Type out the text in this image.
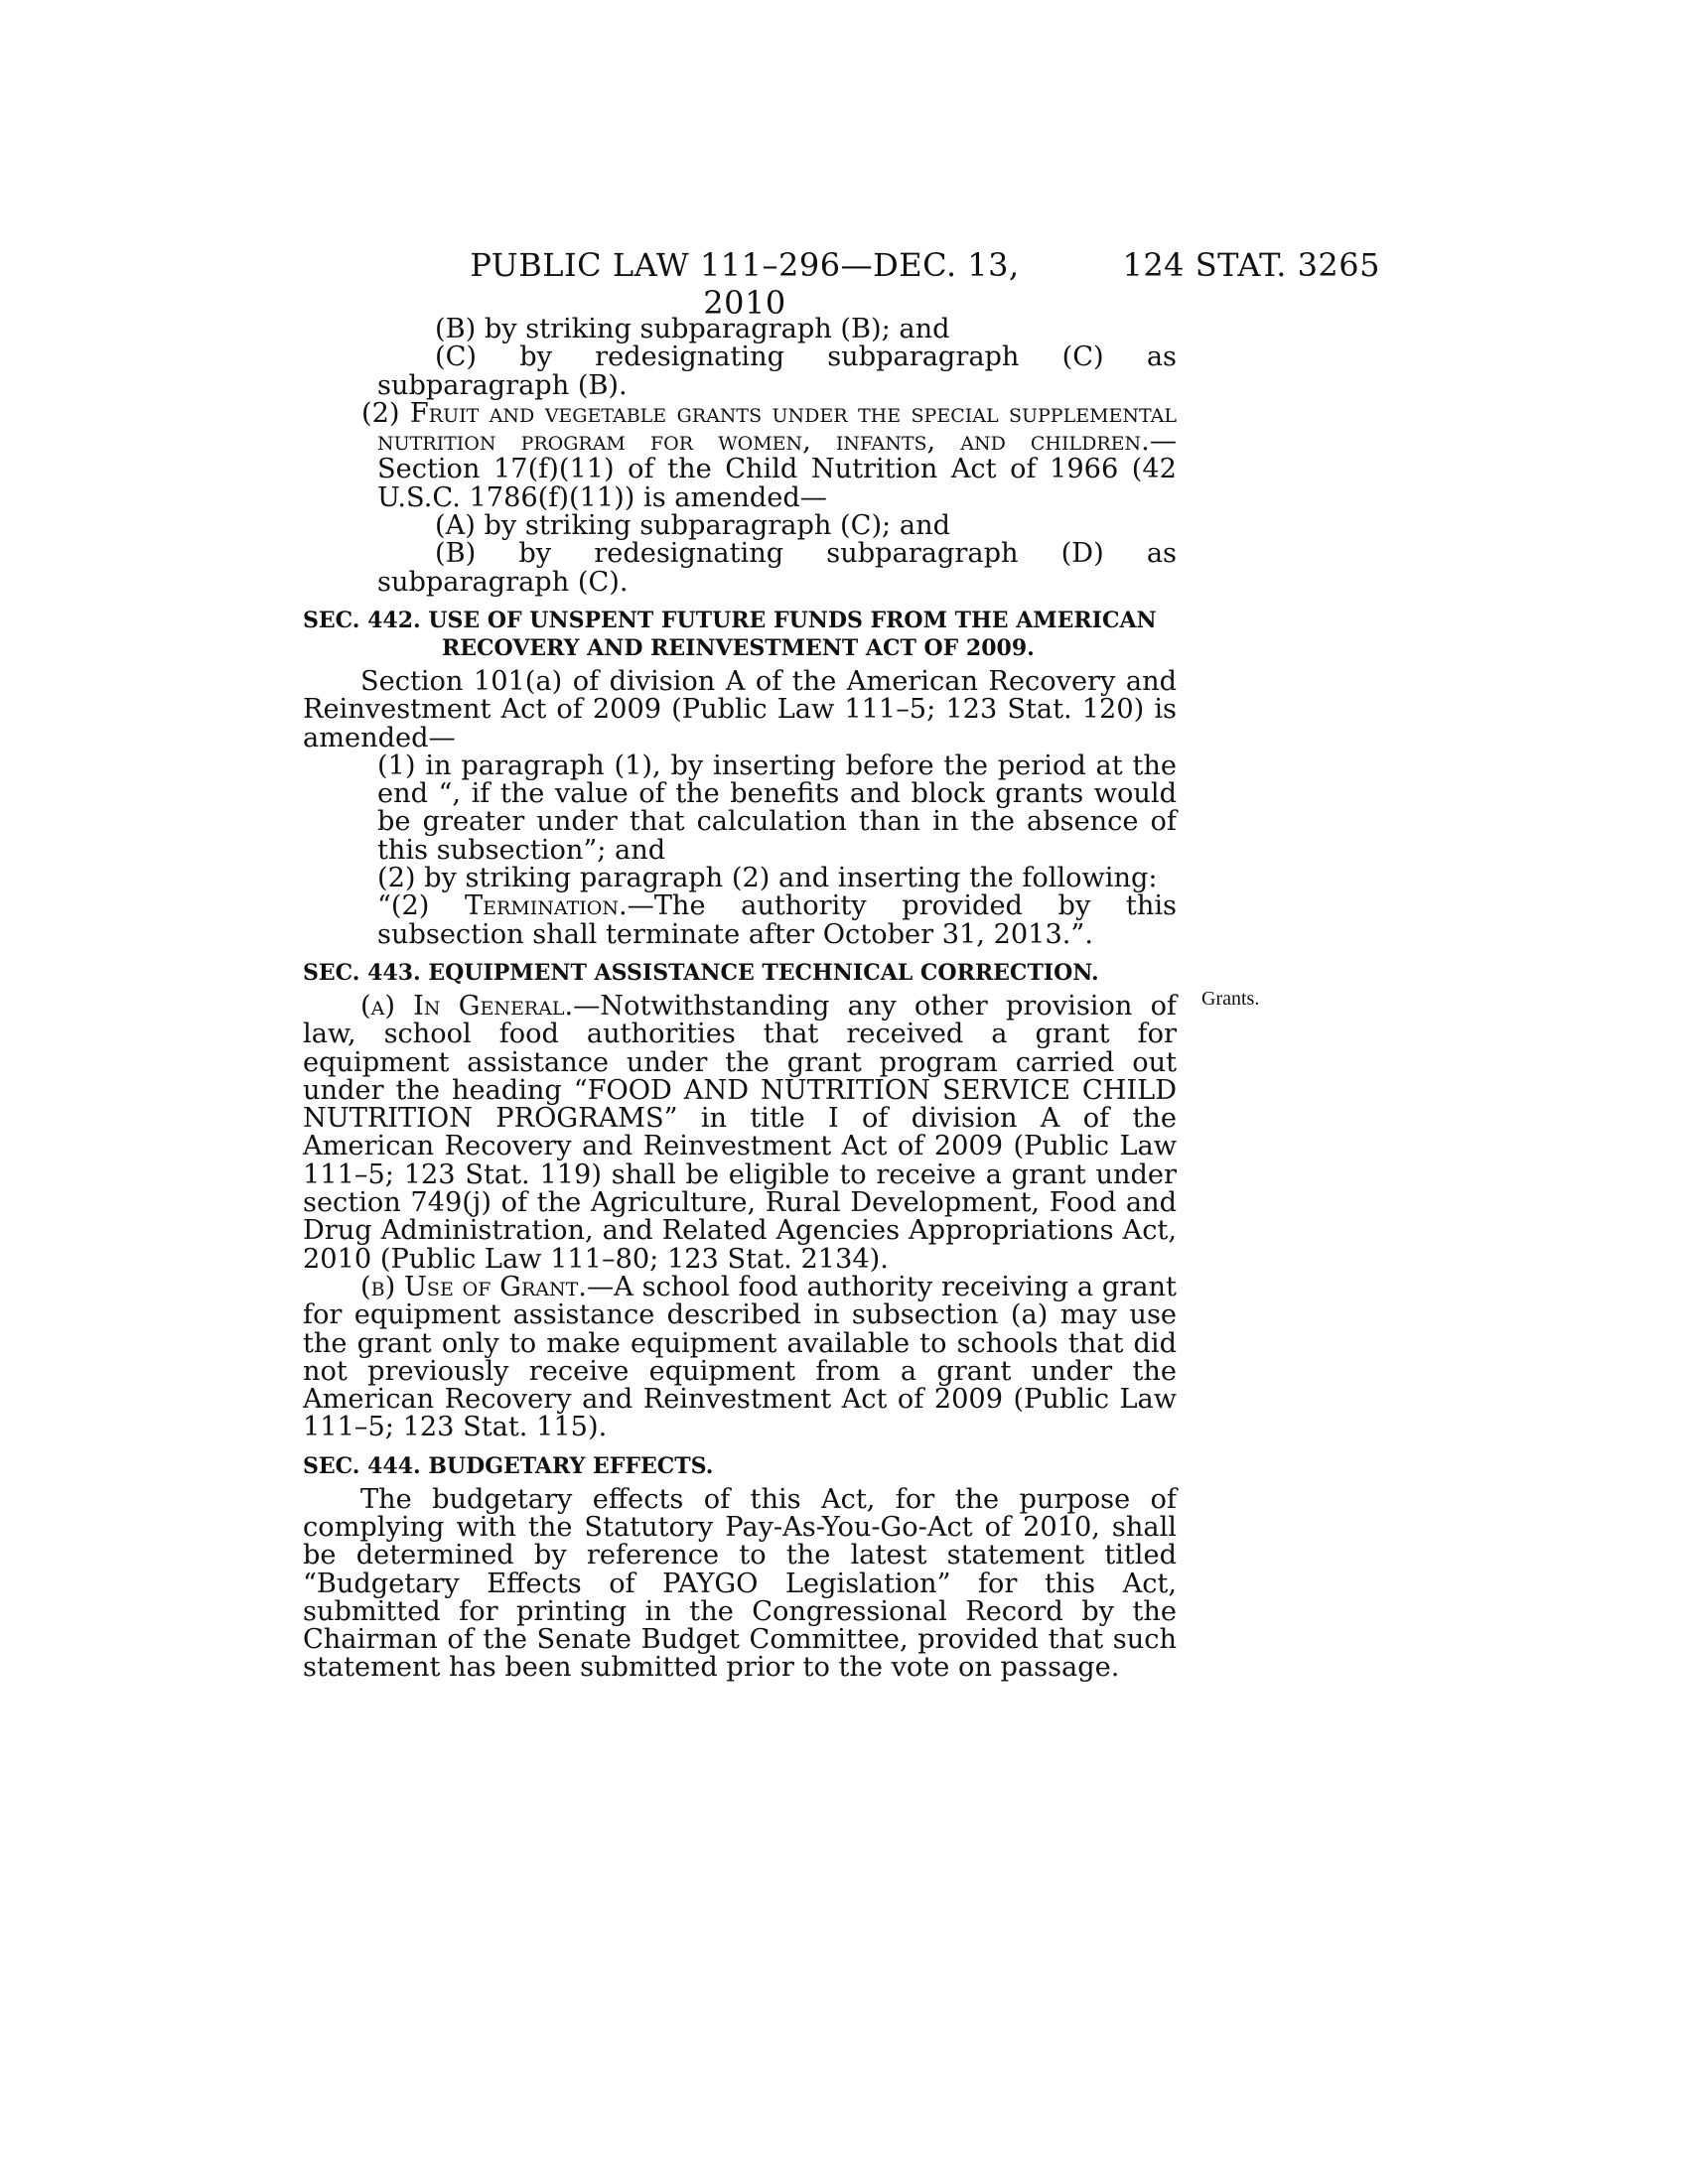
PUBLIC LAW 111–296—DEC. 13, 2010
124 STAT. 3265
Grants.

(B) by striking subparagraph (B); and

(C) by redesignating subparagraph (C) as subparagraph (B).

(2) Fruit and vegetable grants under the special supplemental nutrition program for women, infants, and children.—Section 17(f)(11) of the Child Nutrition Act of 1966 (42 U.S.C. 1786(f)(11)) is amended—

(A) by striking subparagraph (C); and

(B) by redesignating subparagraph (D) as subparagraph (C).

SEC. 442. USE OF UNSPENT FUTURE FUNDS FROM THE AMERICAN
RECOVERY AND REINVESTMENT ACT OF 2009.

Section 101(a) of division A of the American Recovery and Reinvestment Act of 2009 (Public Law 111–5; 123 Stat. 120) is amended—

(1) in paragraph (1), by inserting before the period at the end “, if the value of the benefits and block grants would be greater under that calculation than in the absence of this subsection”; and

(2) by striking paragraph (2) and inserting the following:

“(2) Termination.—The authority provided by this subsection shall terminate after October 31, 2013.”.

SEC. 443. EQUIPMENT ASSISTANCE TECHNICAL CORRECTION.

(a) In General.—Notwithstanding any other provision of law, school food authorities that received a grant for equipment assistance under the grant program carried out under the heading “FOOD AND NUTRITION SERVICE CHILD NUTRITION PROGRAMS” in title I of division A of the American Recovery and Reinvestment Act of 2009 (Public Law 111–5; 123 Stat. 119) shall be eligible to receive a grant under section 749(j) of the Agriculture, Rural Development, Food and Drug Administration, and Related Agencies Appropriations Act, 2010 (Public Law 111–80; 123 Stat. 2134).

(b) Use of Grant.—A school food authority receiving a grant for equipment assistance described in subsection (a) may use the grant only to make equipment available to schools that did not previously receive equipment from a grant under the American Recovery and Reinvestment Act of 2009 (Public Law 111–5; 123 Stat. 115).

SEC. 444. BUDGETARY EFFECTS.

The budgetary effects of this Act, for the purpose of complying with the Statutory Pay-As-You-Go-Act of 2010, shall be determined by reference to the latest statement titled “Budgetary Effects of PAYGO Legislation” for this Act, submitted for printing in the Congressional Record by the Chairman of the Senate Budget Committee, provided that such statement has been submitted prior to the vote on passage.
